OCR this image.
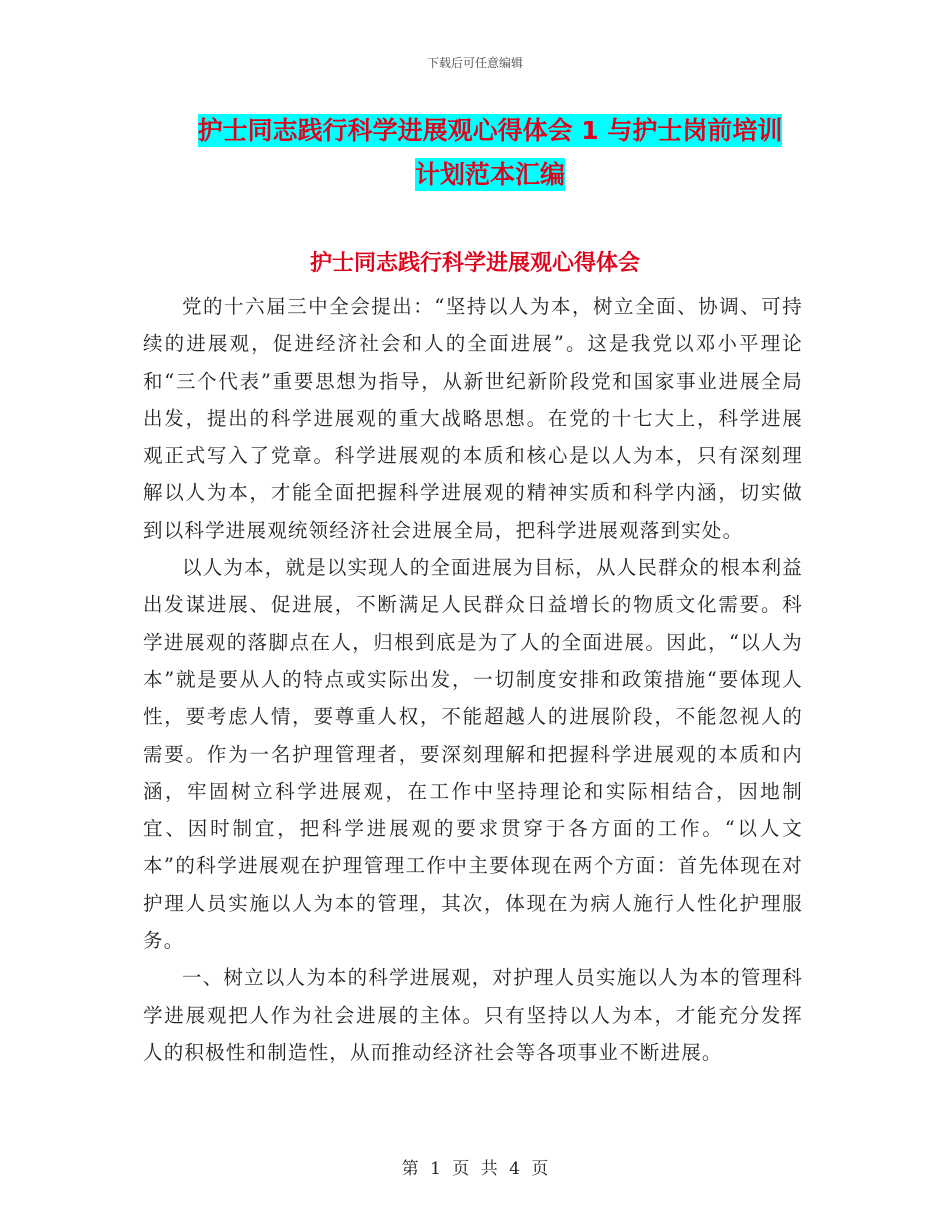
下载后可任意编辑
护士同志践行科学进展观心得体会 1 与护士岗前培训
计划范本汇编
护士同志践行科学进展观心得体会

党的十六届三中全会提出：“坚持以人为本，树立全面、协调、可持续的进展观，促进经济社会和人的全面进展”。这是我党以邓小平理论和“三个代表”重要思想为指导，从新世纪新阶段党和国家事业进展全局出发，提出的科学进展观的重大战略思想。在党的十七大上，科学进展观正式写入了党章。科学进展观的本质和核心是以人为本，只有深刻理解以人为本，才能全面把握科学进展观的精神实质和科学内涵，切实做到以科学进展观统领经济社会进展全局，把科学进展观落到实处。

以人为本，就是以实现人的全面进展为目标，从人民群众的根本利益出发谋进展、促进展，不断满足人民群众日益增长的物质文化需要。科学进展观的落脚点在人，归根到底是为了人的全面进展。因此，“以人为本”就是要从人的特点或实际出发，一切制度安排和政策措施“要体现人性，要考虑人情，要尊重人权，不能超越人的进展阶段，不能忽视人的需要。作为一名护理管理者，要深刻理解和把握科学进展观的本质和内涵，牢固树立科学进展观，在工作中坚持理论和实际相结合，因地制宜、因时制宜，把科学进展观的要求贯穿于各方面的工作。“以人文本”的科学进展观在护理管理工作中主要体现在两个方面：首先体现在对护理人员实施以人为本的管理，其次，体现在为病人施行人性化护理服务。

一、树立以人为本的科学进展观，对护理人员实施以人为本的管理科学进展观把人作为社会进展的主体。只有坚持以人为本，才能充分发挥人的积极性和制造性，从而推动经济社会等各项事业不断进展。

第 1 页 共 4 页
